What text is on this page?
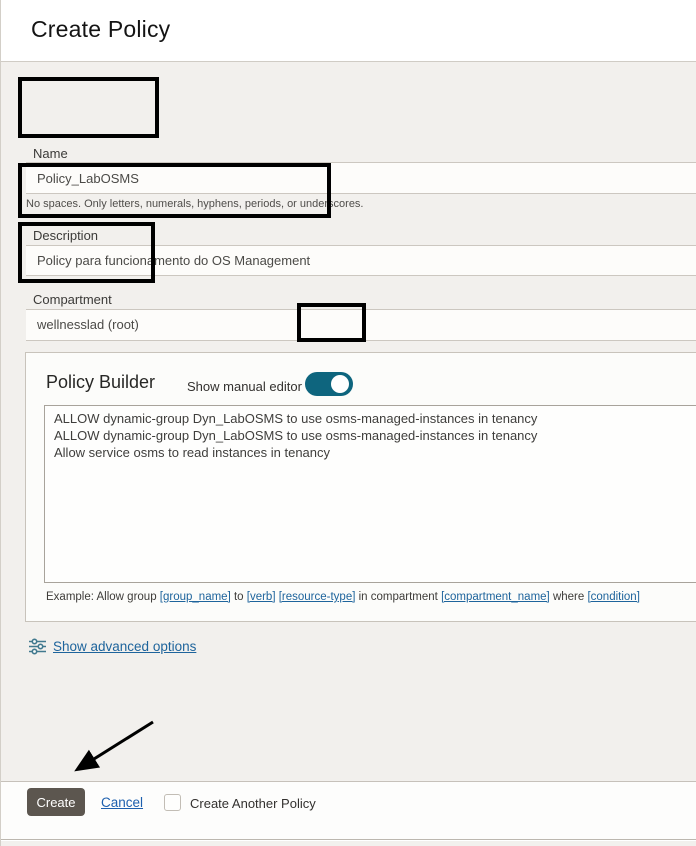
Create Policy
Name
Policy_LabOSMS
No spaces. Only letters, numerals, hyphens, periods, or underscores.
Description
Policy para funcionamento do OS Management
Compartment
wellnesslad (root)
Policy Builder Show manual editor
ALLOW dynamic-group Dyn_LabOSMS to use osms-managed-instances in tenancy ALLOW dynamic-group Dyn_LabOSMS to use osms-managed-instances in tenancy Allow service osms to read instances in tenancy
Example: Allow group [group_name] to [verb] [resource-type] in compartment [compartment_name] where [condition]
Show advanced options
Create	Cancel	Create Another Policy
